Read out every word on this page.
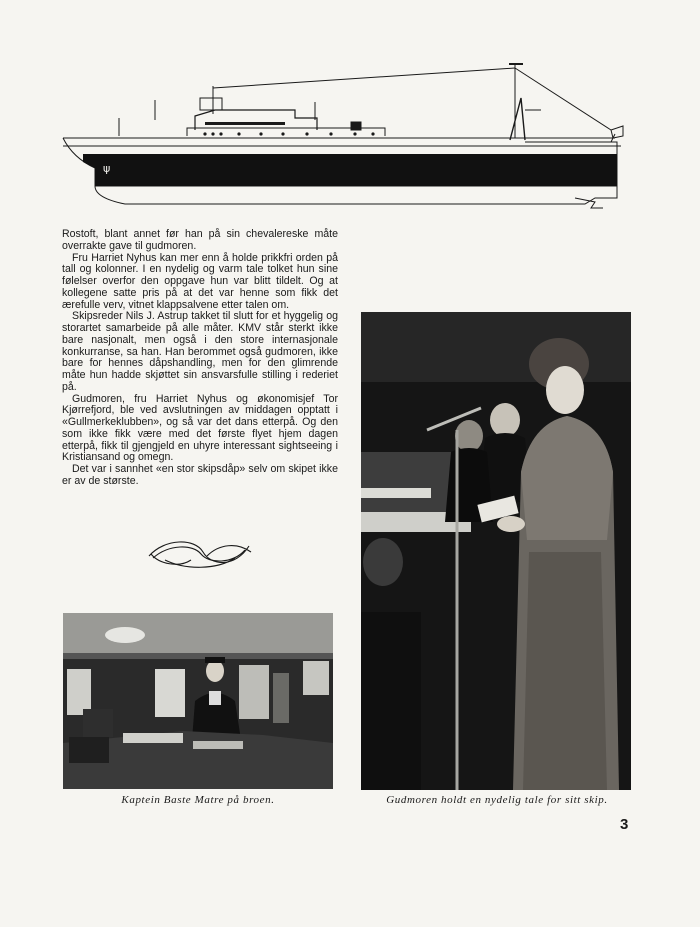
ψ

Rostoft, blant annet før han på sin chevalereske måte overrakte gave til gudmoren.

Fru Harriet Nyhus kan mer enn å holde prikkfri orden på tall og kolonner. I en nydelig og varm tale tolket hun sine følelser overfor den oppgave hun var blitt tildelt. Og at kollegene satte pris på at det var henne som fikk det ærefulle verv, vitnet klappsalvene etter talen om.

Skipsreder Nils J. Astrup takket til slutt for et hyggelig og storartet samarbeide på alle måter. KMV står sterkt ikke bare nasjonalt, men også i den store internasjonale konkurranse, sa han. Han berommet også gudmoren, ikke bare for hennes dåpshandling, men for den glimrende måte hun hadde skjøttet sin ansvarsfulle stilling i rederiet på.

Gudmoren, fru Harriet Nyhus og økonomisjef Tor Kjørrefjord, ble ved avslutningen av middagen opptatt i «Gullmerkeklubben», og så var det dans etterpå. Og den som ikke fikk være med det første flyet hjem dagen etterpå, fikk til gjengjeld en uhyre interessant sightseeing i Kristiansand og omegn.

Det var i sannhet «en stor skipsdåp» selv om skipet ikke er av de største.

Kaptein Baste Matre på broen.	Gudmoren holdt en nydelig tale for sitt skip.
3
